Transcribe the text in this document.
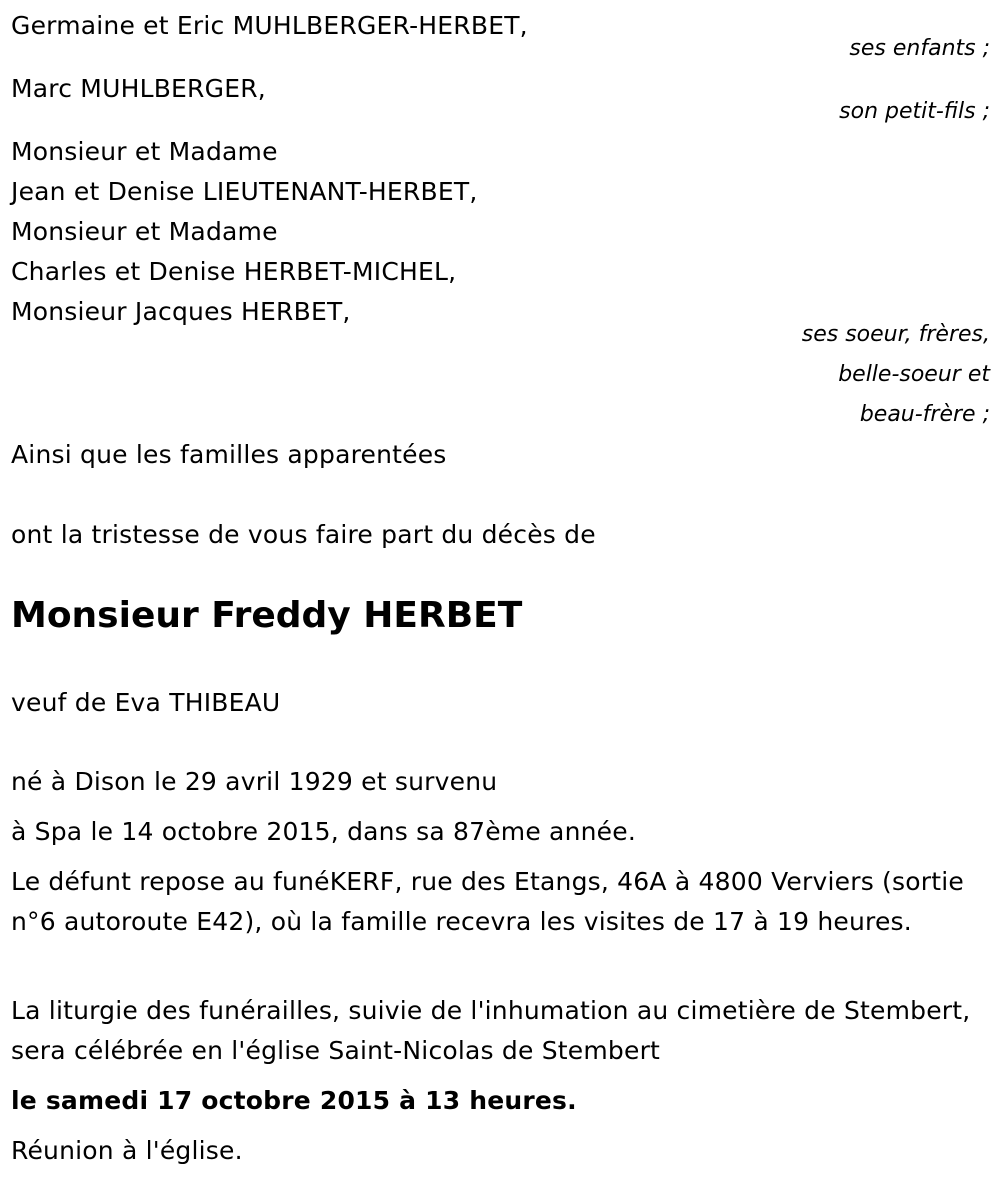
Germaine et Eric MUHLBERGER-HERBET,
ses enfants ;
Marc MUHLBERGER,
son petit-fils ;
Monsieur et Madame
Jean et Denise LIEUTENANT-HERBET,
Monsieur et Madame
Charles et Denise HERBET-MICHEL,
Monsieur Jacques HERBET,
ses soeur, frères,
belle-soeur et
beau-frère ;
Ainsi que les familles apparentées
ont la tristesse de vous faire part du décès de
Monsieur Freddy HERBET
veuf de Eva THIBEAU
né à Dison le 29 avril 1929 et survenu
à Spa le 14 octobre 2015, dans sa 87ème année.
Le défunt repose au funéKERF, rue des Etangs, 46A à 4800 Verviers (sortie n°6 autoroute E42), où la famille recevra les visites de 17 à 19 heures.
La liturgie des funérailles, suivie de l'inhumation au cimetière de Stembert, sera célébrée en l'église Saint-Nicolas de Stembert
le samedi 17 octobre 2015 à 13 heures.
Réunion à l'église.
